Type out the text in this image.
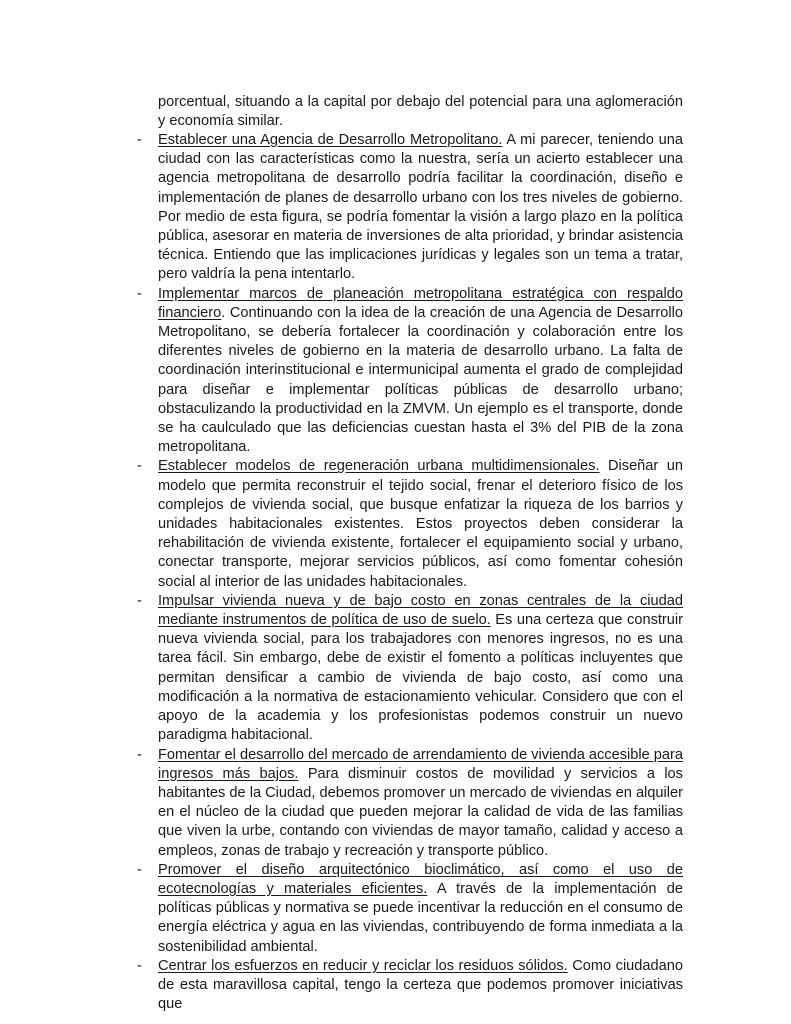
porcentual, situando a la capital por debajo del potencial para una aglomeración y economía similar.

- Establecer una Agencia de Desarrollo Metropolitano. A mi parecer, teniendo una ciudad con las características como la nuestra, sería un acierto establecer una agencia metropolitana de desarrollo podría facilitar la coordinación, diseño e implementación de planes de desarrollo urbano con los tres niveles de gobierno. Por medio de esta figura, se podría fomentar la visión a largo plazo en la política pública, asesorar en materia de inversiones de alta prioridad, y brindar asistencia técnica. Entiendo que las implicaciones jurídicas y legales son un tema a tratar, pero valdría la pena intentarlo.
- Implementar marcos de planeación metropolitana estratégica con respaldo financiero. Continuando con la idea de la creación de una Agencia de Desarrollo Metropolitano, se debería fortalecer la coordinación y colaboración entre los diferentes niveles de gobierno en la materia de desarrollo urbano. La falta de coordinación interinstitucional e intermunicipal aumenta el grado de complejidad para diseñar e implementar políticas públicas de desarrollo urbano; obstaculizando la productividad en la ZMVM. Un ejemplo es el transporte, donde se ha caulculado que las deficiencias cuestan hasta el 3% del PIB de la zona metropolitana.
- Establecer modelos de regeneración urbana multidimensionales. Diseñar un modelo que permita reconstruir el tejido social, frenar el deterioro físico de los complejos de vivienda social, que busque enfatizar la riqueza de los barrios y unidades habitacionales existentes. Estos proyectos deben considerar la rehabilitación de vivienda existente, fortalecer el equipamiento social y urbano, conectar transporte, mejorar servicios públicos, así como fomentar cohesión social al interior de las unidades habitacionales.
- Impulsar vivienda nueva y de bajo costo en zonas centrales de la ciudad mediante instrumentos de política de uso de suelo. Es una certeza que construir nueva vivienda social, para los trabajadores con menores ingresos, no es una tarea fácil. Sin embargo, debe de existir el fomento a políticas incluyentes que permitan densificar a cambio de vivienda de bajo costo, así como una modificación a la normativa de estacionamiento vehicular. Considero que con el apoyo de la academia y los profesionistas podemos construir un nuevo paradigma habitacional.
- Fomentar el desarrollo del mercado de arrendamiento de vivienda accesible para ingresos más bajos. Para disminuir costos de movilidad y servicios a los habitantes de la Ciudad, debemos promover un mercado de viviendas en alquiler en el núcleo de la ciudad que pueden mejorar la calidad de vida de las familias que viven la urbe, contando con viviendas de mayor tamaño, calidad y acceso a empleos, zonas de trabajo y recreación y transporte público.
- Promover el diseño arquitectónico bioclimático, así como el uso de ecotecnologías y materiales eficientes. A través de la implementación de políticas públicas y normativa se puede incentivar la reducción en el consumo de energía eléctrica y agua en las viviendas, contribuyendo de forma inmediata a la sostenibilidad ambiental.
- Centrar los esfuerzos en reducir y reciclar los residuos sólidos. Como ciudadano de esta maravillosa capital, tengo la certeza que podemos promover iniciativas que
